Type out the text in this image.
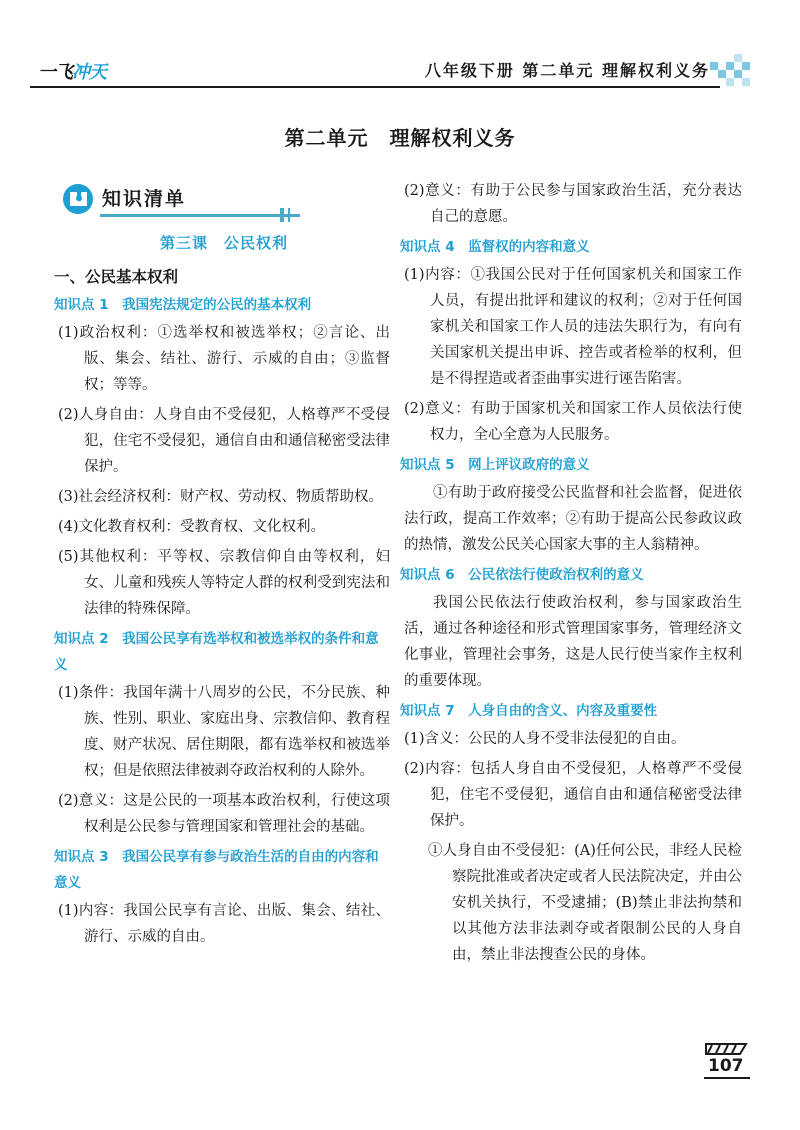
一飞冲天	八年级下册 第二单元 理解权利义务
第二单元　理解权利义务
知识清单
第三课　公民权利
一、公民基本权利
知识点 1　我国宪法规定的公民的基本权利

(1)政治权利：①选举权和被选举权；②言论、出版、集会、结社、游行、示威的自由；③监督权；等等。

(2)人身自由：人身自由不受侵犯，人格尊严不受侵犯，住宅不受侵犯，通信自由和通信秘密受法律保护。

(3)社会经济权利：财产权、劳动权、物质帮助权。

(4)文化教育权利：受教育权、文化权利。

(5)其他权利：平等权、宗教信仰自由等权利，妇女、儿童和残疾人等特定人群的权利受到宪法和法律的特殊保障。

知识点 2　我国公民享有选举权和被选举权的条件和意义

(1)条件：我国年满十八周岁的公民，不分民族、种族、性别、职业、家庭出身、宗教信仰、教育程度、财产状况、居住期限，都有选举权和被选举权；但是依照法律被剥夺政治权利的人除外。

(2)意义：这是公民的一项基本政治权利，行使这项权利是公民参与管理国家和管理社会的基础。

知识点 3　我国公民享有参与政治生活的自由的内容和意义

(1)内容：我国公民享有言论、出版、集会、结社、游行、示威的自由。

(2)意义：有助于公民参与国家政治生活，充分表达自己的意愿。

知识点 4　监督权的内容和意义

(1)内容：①我国公民对于任何国家机关和国家工作人员，有提出批评和建议的权利；②对于任何国家机关和国家工作人员的违法失职行为，有向有关国家机关提出申诉、控告或者检举的权利，但是不得捏造或者歪曲事实进行诬告陷害。

(2)意义：有助于国家机关和国家工作人员依法行使权力，全心全意为人民服务。

知识点 5　网上评议政府的意义

①有助于政府接受公民监督和社会监督，促进依法行政，提高工作效率；②有助于提高公民参政议政的热情，激发公民关心国家大事的主人翁精神。

知识点 6　公民依法行使政治权利的意义

我国公民依法行使政治权利，参与国家政治生活，通过各种途径和形式管理国家事务，管理经济文化事业，管理社会事务，这是人民行使当家作主权利的重要体现。

知识点 7　人身自由的含义、内容及重要性

(1)含义：公民的人身不受非法侵犯的自由。

(2)内容：包括人身自由不受侵犯，人格尊严不受侵犯，住宅不受侵犯，通信自由和通信秘密受法律保护。

①人身自由不受侵犯：(A)任何公民，非经人民检察院批准或者决定或者人民法院决定，并由公安机关执行，不受逮捕；(B)禁止非法拘禁和以其他方法非法剥夺或者限制公民的人身自由，禁止非法搜查公民的身体。

107
